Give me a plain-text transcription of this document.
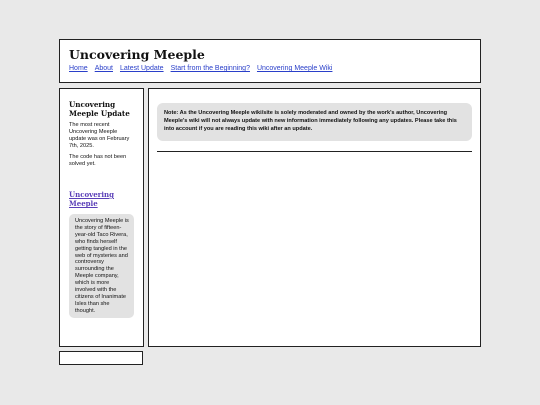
Uncovering Meeple
Home About Latest Update Start from the Beginning? Uncovering Meeple Wiki
Uncovering Meeple Update
The most recent Uncovering Meeple update was on February 7th, 2025.
The code has not been solved yet.
Uncovering Meeple
Uncovering Meeple is the story of fifteen-year-old Taco Rivera, who finds herself getting tangled in the web of mysteries and controversy surrounding the Meeple company, which is more involved with the citizens of Inanimate Isles than she thought.
Note: As the Uncovering Meeple wiki/site is solely moderated and owned by the work's author, Uncovering Meeple's wiki will not always update with new information immediately following any updates. Please take this into account if you are reading this wiki after an update.
